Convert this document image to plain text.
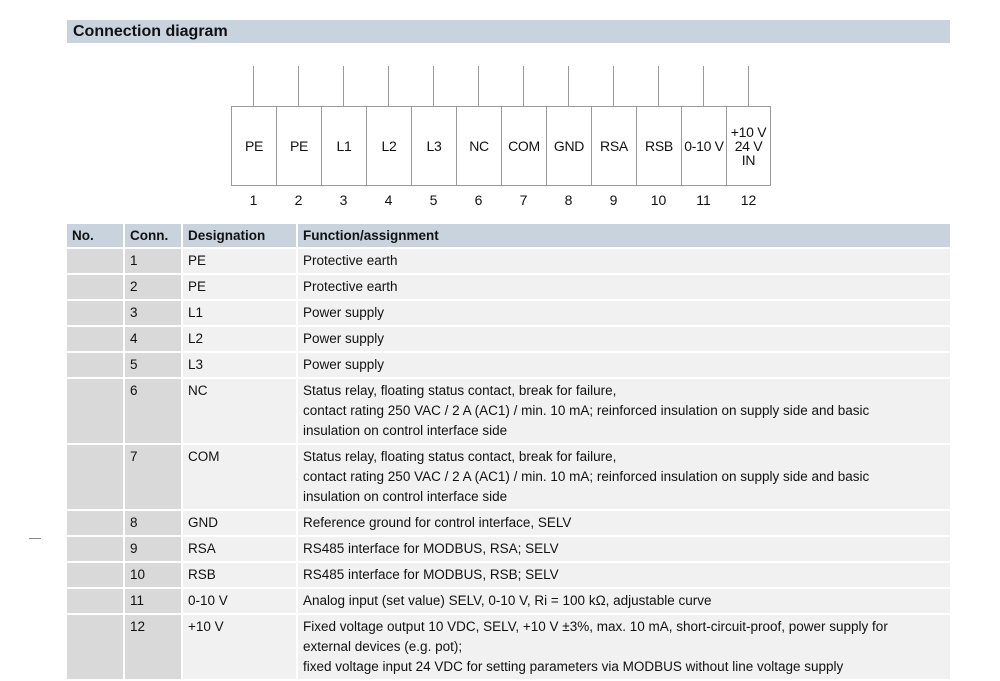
Connection diagram
PE	PE	L1	L2	L3	NC	COM	GND	RSA	RSB 0-10 V
+10 V
24 V IN
1	2	3	4	5	6	7	8	9	10	11	12
No.	Conn.	Designation	Function/assignment
	1	PE	Protective earth

	2	PE	Protective earth

	3	L1	Power supply

	4	L2	Power supply

	5	L3	Power supply

	6	NC	Status relay, floating status contact, break for failure,
contact rating 250 VAC / 2 A (AC1) / min. 10 mA; reinforced insulation on supply side and basic
insulation on control interface side

	7	COM	Status relay, floating status contact, break for failure,
contact rating 250 VAC / 2 A (AC1) / min. 10 mA; reinforced insulation on supply side and basic
insulation on control interface side

	8	GND	Reference ground for control interface, SELV

	9	RSA	RS485 interface for MODBUS, RSA; SELV

	10	RSB	RS485 interface for MODBUS, RSB; SELV

	11	0-10 V	Analog input (set value) SELV, 0-10 V, Ri = 100 kΩ, adjustable curve

	12	+10 V	Fixed voltage output 10 VDC, SELV, +10 V ±3%, max. 10 mA, short-circuit-proof, power supply for
external devices (e.g. pot);
fixed voltage input 24 VDC for setting parameters via MODBUS without line voltage supply
